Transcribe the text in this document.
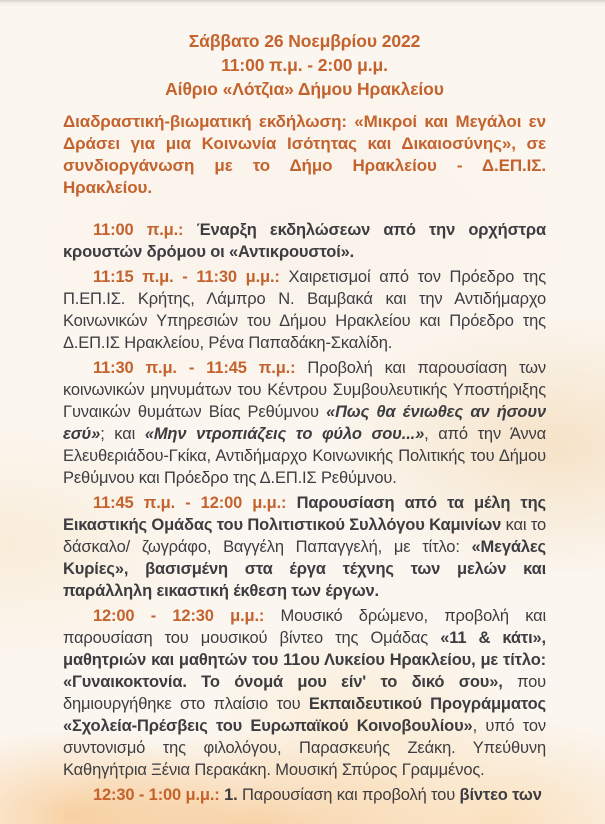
Σάββατο 26 Νοεμβρίου 2022
11:00 π.μ. - 2:00 μ.μ.
Αίθριο «Λότζια» Δήμου Ηρακλείου

Διαδραστική-βιωματική εκδήλωση: «Μικροί και Μεγάλοι εν Δράσει για μια Κοινωνία Ισότητας και Δικαιοσύνης», σε συνδιοργάνωση με το Δήμο Ηρακλείου - Δ.ΕΠ.ΙΣ. Ηρακλείου.

11:00 π.μ.: Έναρξη εκδηλώσεων από την ορχήστρα κρουστών δρόμου οι «Αντικρουστοί».

11:15 π.μ. - 11:30 μ.μ.: Χαιρετισμοί από τον Πρόεδρο της Π.ΕΠ.ΙΣ. Κρήτης, Λάμπρο Ν. Βαμβακά και την Αντιδήμαρχο Κοινωνικών Υπηρεσιών του Δήμου Ηρακλείου και Πρόεδρο της Δ.ΕΠ.ΙΣ Ηρακλείου, Ρένα Παπαδάκη-Σκαλίδη.

11:30 π.μ. - 11:45 π.μ.: Προβολή και παρουσίαση των κοινωνικών μηνυμάτων του Κέντρου Συμβουλευτικής Υποστήριξης Γυναικών θυμάτων Βίας Ρεθύμνου «Πως θα ένιωθες αν ήσουν εσύ»; και «Μην ντροπιάζεις το φύλο σου...», από την Άννα Ελευθεριάδου-Γκίκα, Αντιδήμαρχο Κοινωνικής Πολιτικής του Δήμου Ρεθύμνου και Πρόεδρο της Δ.ΕΠ.ΙΣ Ρεθύμνου.

11:45 π.μ. - 12:00 μ.μ.: Παρουσίαση από τα μέλη της Εικαστικής Ομάδας του Πολιτιστικού Συλλόγου Καμινίων και το δάσκαλο/ ζωγράφο, Βαγγέλη Παπαγγελή, με τίτλο: «Μεγάλες Κυρίες», βασισμένη στα έργα τέχνης των μελών και παράλληλη εικαστική έκθεση των έργων.

12:00 - 12:30 μ.μ.: Μουσικό δρώμενο, προβολή και παρουσίαση του μουσικού βίντεο της Ομάδας «11 & κάτι», μαθητριών και μαθητών του 11ου Λυκείου Ηρακλείου, με τίτλο: «Γυναικοκτονία. Το όνομά μου είν' το δικό σου», που δημιουργήθηκε στο πλαίσιο του Εκπαιδευτικού Προγράμματος «Σχολεία-Πρέσβεις του Ευρωπαϊκού Κοινοβουλίου», υπό τον συντονισμό της φιλολόγου, Παρασκευής Ζεάκη. Υπεύθυνη Καθηγήτρια Ξένια Περακάκη. Μουσική Σπύρος Γραμμένος.

12:30 - 1:00 μ.μ.: 1. Παρουσίαση και προβολή του βίντεο των
